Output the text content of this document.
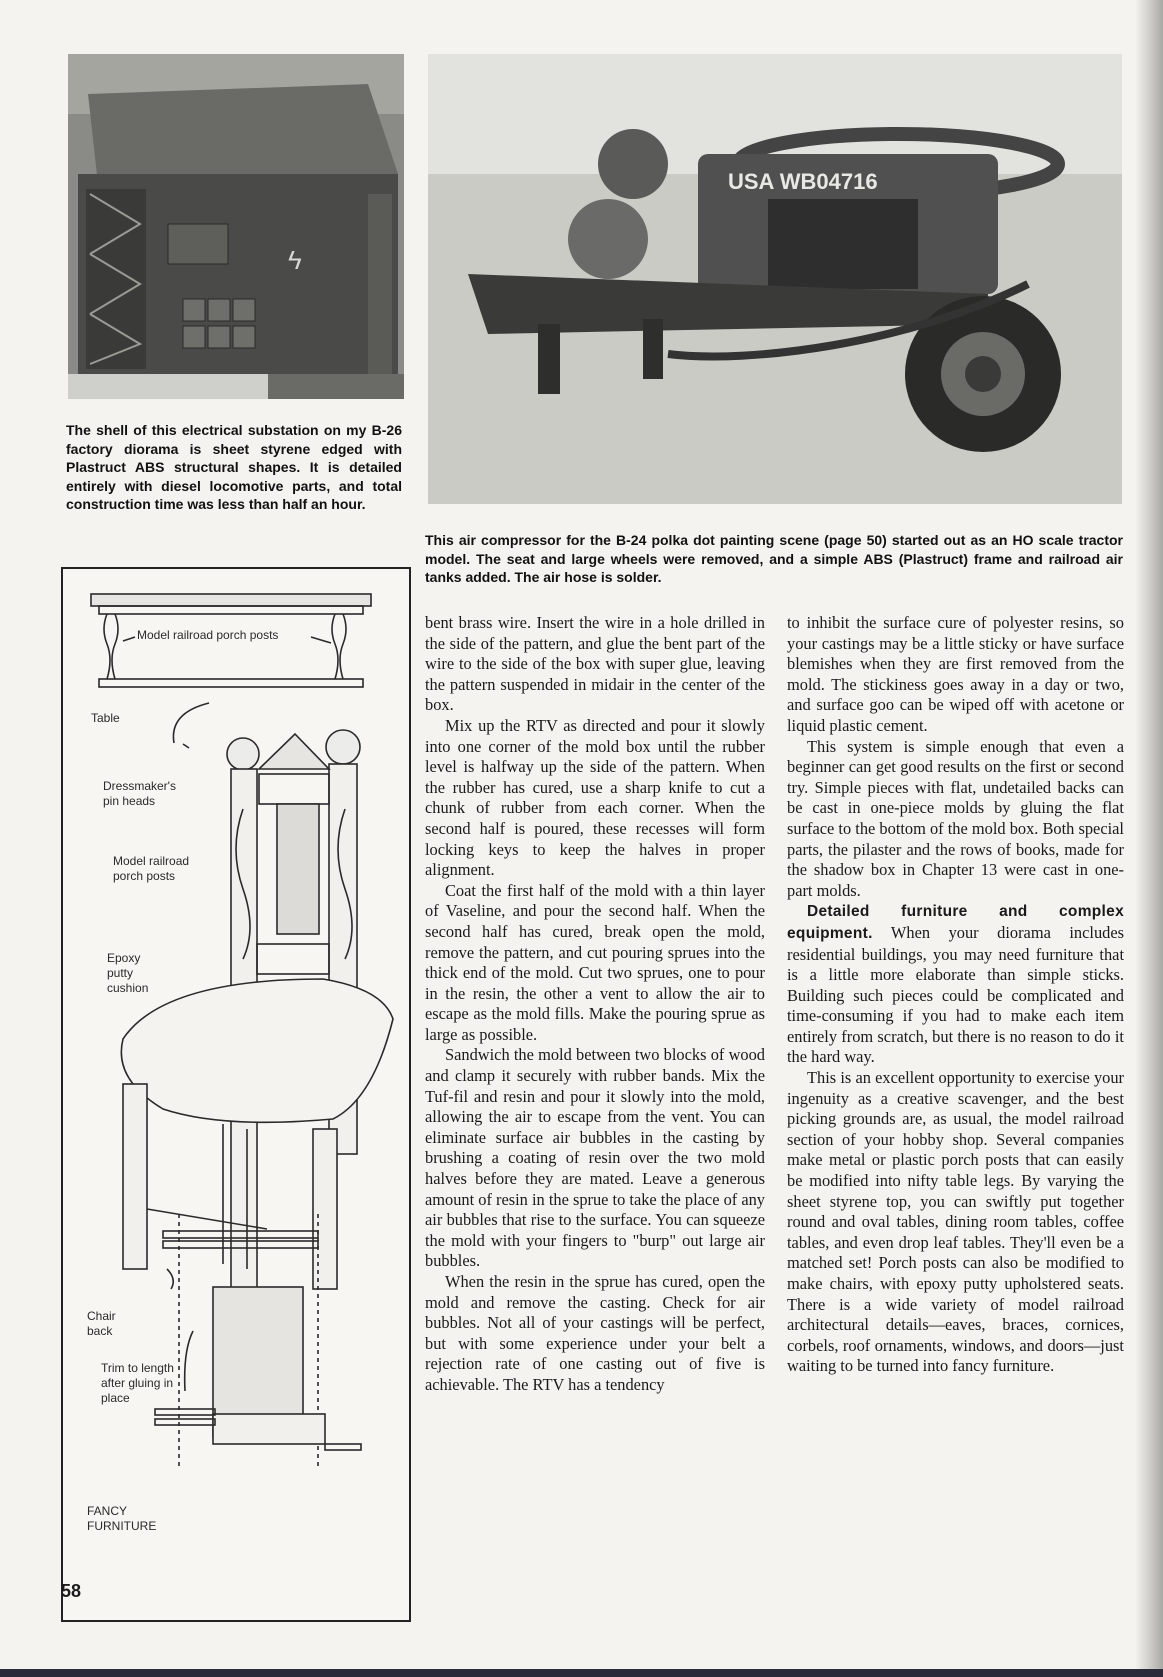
ϟ
USA WB04716
The shell of this electrical substation on my B-26 factory diorama is sheet styrene edged with Plastruct ABS structural shapes. It is detailed entirely with diesel locomotive parts, and total construction time was less than half an hour.
This air compressor for the B-24 polka dot painting scene (page 50) started out as an HO scale tractor model. The seat and large wheels were removed, and a simple ABS (Plastruct) frame and railroad air tanks added. The air hose is solder.
Model railroad porch posts
Table
Dressmaker's pin heads
Model railroad porch posts
Epoxy putty cushion
Chair back
Trim to length after gluing in place
FANCY FURNITURE

bent brass wire. Insert the wire in a hole drilled in the side of the pattern, and glue the bent part of the wire to the side of the box with super glue, leaving the pattern suspended in midair in the center of the box.

Mix up the RTV as directed and pour it slowly into one corner of the mold box until the rubber level is halfway up the side of the pattern. When the rubber has cured, use a sharp knife to cut a chunk of rubber from each corner. When the second half is poured, these recesses will form locking keys to keep the halves in proper alignment.

Coat the first half of the mold with a thin layer of Vaseline, and pour the second half. When the second half has cured, break open the mold, remove the pattern, and cut pouring sprues into the thick end of the mold. Cut two sprues, one to pour in the resin, the other a vent to allow the air to escape as the mold fills. Make the pouring sprue as large as possible.

Sandwich the mold between two blocks of wood and clamp it securely with rubber bands. Mix the Tuf-fil and resin and pour it slowly into the mold, allowing the air to escape from the vent. You can eliminate surface air bubbles in the casting by brushing a coating of resin over the two mold halves before they are mated. Leave a generous amount of resin in the sprue to take the place of any air bubbles that rise to the surface. You can squeeze the mold with your fingers to "burp" out large air bubbles.

When the resin in the sprue has cured, open the mold and remove the casting. Check for air bubbles. Not all of your castings will be perfect, but with some experience under your belt a rejection rate of one casting out of five is achievable. The RTV has a tendency

to inhibit the surface cure of polyester resins, so your castings may be a little sticky or have surface blemishes when they are first removed from the mold. The stickiness goes away in a day or two, and surface goo can be wiped off with acetone or liquid plastic cement.

This system is simple enough that even a beginner can get good results on the first or second try. Simple pieces with flat, undetailed backs can be cast in one-piece molds by gluing the flat surface to the bottom of the mold box. Both special parts, the pilaster and the rows of books, made for the shadow box in Chapter 13 were cast in one-part molds.

Detailed furniture and complex equipment. When your diorama includes residential buildings, you may need furniture that is a little more elaborate than simple sticks. Building such pieces could be complicated and time-consuming if you had to make each item entirely from scratch, but there is no reason to do it the hard way.

This is an excellent opportunity to exercise your ingenuity as a creative scavenger, and the best picking grounds are, as usual, the model railroad section of your hobby shop. Several companies make metal or plastic porch posts that can easily be modified into nifty table legs. By varying the sheet styrene top, you can swiftly put together round and oval tables, dining room tables, coffee tables, and even drop leaf tables. They'll even be a matched set! Porch posts can also be modified to make chairs, with epoxy putty upholstered seats. There is a wide variety of model railroad architectural details—eaves, braces, cornices, corbels, roof ornaments, windows, and doors—just waiting to be turned into fancy furniture.

58
